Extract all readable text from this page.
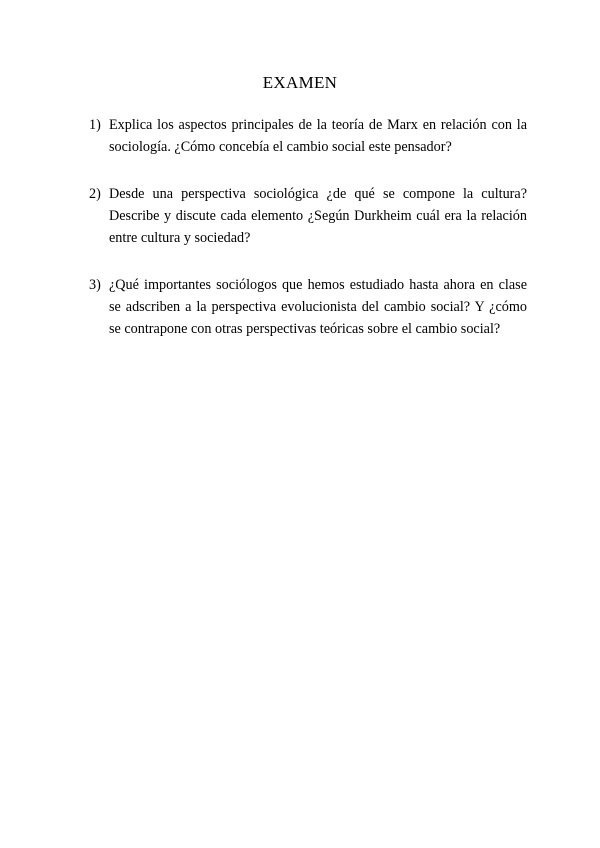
EXAMEN
1) Explica los aspectos principales de la teoría de Marx en relación con la sociología. ¿Cómo concebía el cambio social este pensador?
2) Desde una perspectiva sociológica ¿de qué se compone la cultura? Describe y discute cada elemento ¿Según Durkheim cuál era la relación entre cultura y sociedad?
3) ¿Qué importantes sociólogos que hemos estudiado hasta ahora en clase se adscriben a la perspectiva evolucionista del cambio social? Y ¿cómo se contrapone con otras perspectivas teóricas sobre el cambio social?
